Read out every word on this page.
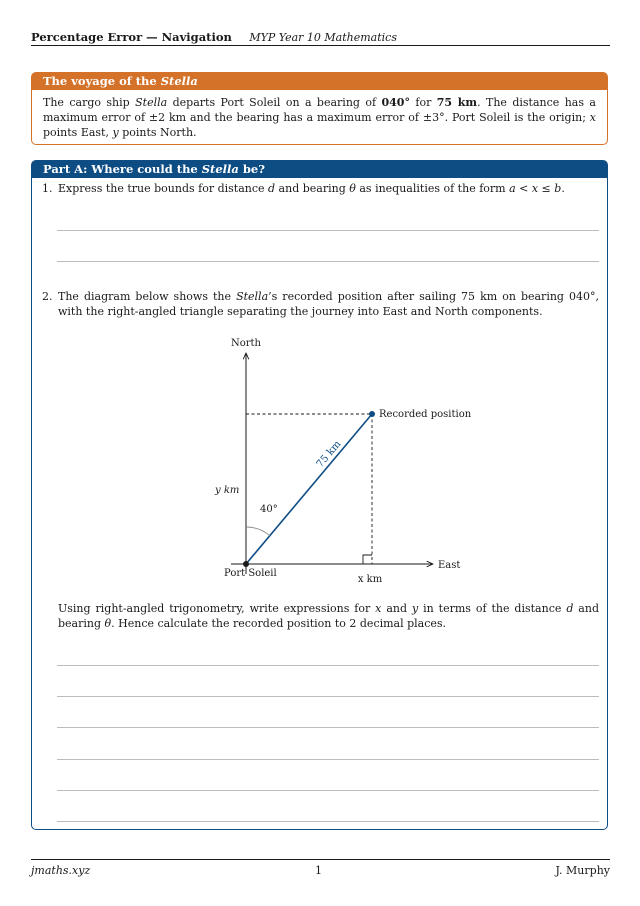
Percentage Error — Navigation MYP Year 10 Mathematics
The voyage of the Stella
The cargo ship Stella departs Port Soleil on a bearing of 040° for 75 km. The distance has a maximum error of ±2 km and the bearing has a maximum error of ±3°. Port Soleil is the origin; x points East, y points North.
Part A: Where could the Stella be?
1. Express the true bounds for distance d and bearing θ as inequalities of the form a < x ≤ b.
2. The diagram below shows the Stella’s recorded position after sailing 75 km on bearing 040°, with the right-angled triangle separating the journey into East and North components.
North
East
Port Soleil
Recorded position
75 km
40°
y km
x km
Using right-angled trigonometry, write expressions for x and y in terms of the distance d and bearing θ. Hence calculate the recorded position to 2 decimal places.
jmaths.xyz	1	J. Murphy
